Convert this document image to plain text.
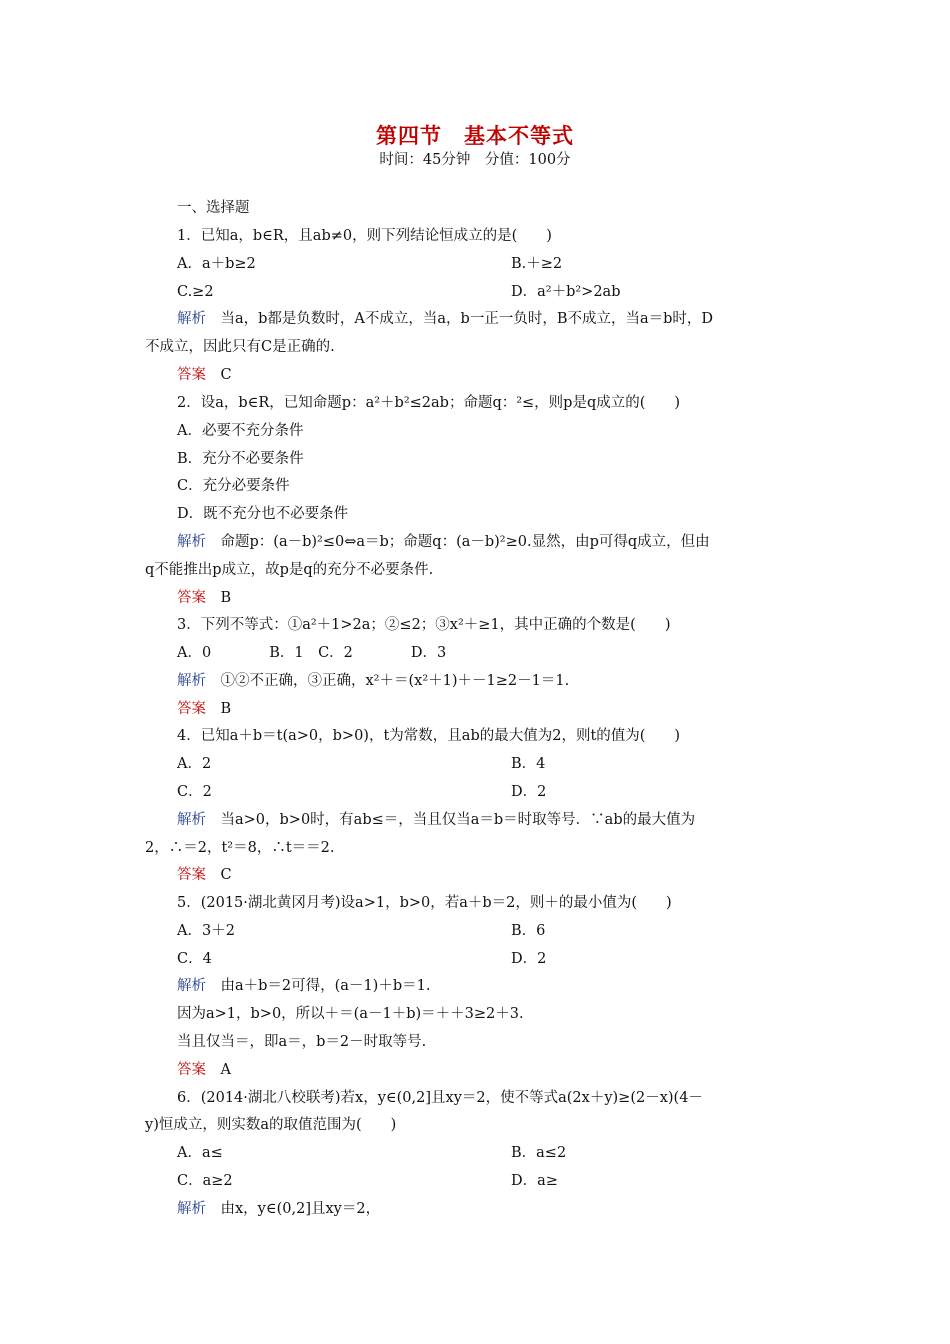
第四节　基本不等式
时间：45分钟　分值：100分
一、选择题
1．已知a，b∈R，且ab≠0，则下列结论恒成立的是(　　)
A．a＋b≥2	B.＋≥2
C.≥2	D．a²＋b²>2ab
解析　 当a，b都是负数时，A不成立，当a，b一正一负时，B不成立，当a＝b时，D
不成立，因此只有C是正确的.
答案　 C
2．设a，b∈R，已知命题p：a²＋b²≤2ab；命题q：²≤，则p是q成立的(　　)
A．必要不充分条件
B．充分不必要条件
C．充分必要条件
D．既不充分也不必要条件
解析　 命题p：(a－b)²≤0⇔a＝b；命题q：(a－b)²≥0.显然，由p可得q成立，但由
q不能推出p成立，故p是q的充分不必要条件.
答案　 B
3．下列不等式：①a²＋1>2a；②≤2；③x²＋≥1，其中正确的个数是(　　)
A．0　　　　B．1　C．2　　　　D．3
解析　 ①②不正确，③正确，x²＋＝(x²＋1)＋－1≥2－1＝1.
答案　 B
4．已知a＋b＝t(a>0，b>0)，t为常数，且ab的最大值为2，则t的值为(　　)
A．2	B．4
C．2	D．2
解析　 当a>0，b>0时，有ab≤＝，当且仅当a＝b＝时取等号．∵ab的最大值为
2，∴＝2，t²＝8，∴t＝＝2.
答案　 C
5．(2015·湖北黄冈月考)设a>1，b>0，若a＋b＝2，则＋的最小值为(　　)
A．3＋2	B．6
C．4	D．2
解析　 由a＋b＝2可得，(a－1)＋b＝1.
因为a>1，b>0，所以＋＝(a－1＋b)＝＋＋3≥2＋3.
当且仅当＝，即a＝，b＝2－时取等号.
答案　 A
6．(2014·湖北八校联考)若x，y∈(0,2]且xy＝2，使不等式a(2x＋y)≥(2－x)(4－
y)恒成立，则实数a的取值范围为(　　)
A．a≤	B．a≤2
C．a≥2	D．a≥
解析　 由x，y∈(0,2]且xy＝2，
